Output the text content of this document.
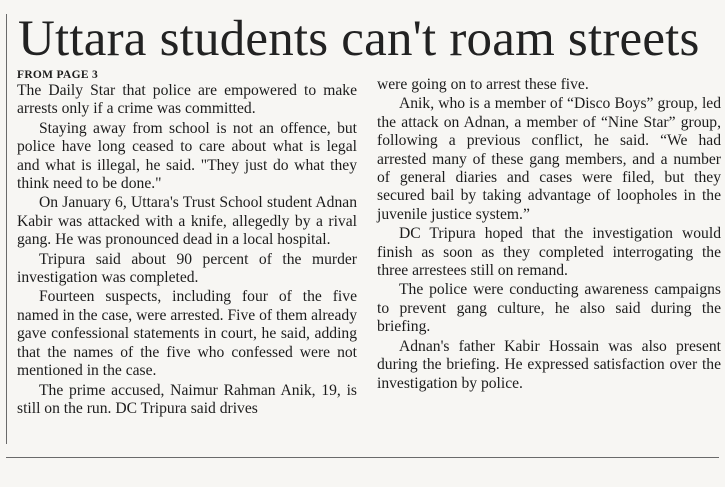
Uttara students can't roam streets
FROM PAGE 3

The Daily Star that police are empowered to make arrests only if a crime was committed.

Staying away from school is not an offence, but police have long ceased to care about what is legal and what is illegal, he said. "They just do what they think need to be done."

On January 6, Uttara's Trust School student Adnan Kabir was attacked with a knife, allegedly by a rival gang. He was pronounced dead in a local hospital.

Tripura said about 90 percent of the murder investigation was completed.

Fourteen suspects, including four of the five named in the case, were arrested. Five of them already gave confessional statements in court, he said, adding that the names of the five who confessed were not mentioned in the case.

The prime accused, Naimur Rahman Anik, 19, is still on the run. DC Tripura said drives

were going on to arrest these five.

Anik, who is a member of “Disco Boys” group, led the attack on Adnan, a member of “Nine Star” group, following a previous conflict, he said. “We had arrested many of these gang members, and a number of general diaries and cases were filed, but they secured bail by taking advantage of loopholes in the juvenile justice system.”

DC Tripura hoped that the investigation would finish as soon as they completed interrogating the three arrestees still on remand.

The police were conducting awareness campaigns to prevent gang culture, he also said during the briefing.

Adnan's father Kabir Hossain was also present during the briefing. He expressed satisfaction over the investigation by police.
